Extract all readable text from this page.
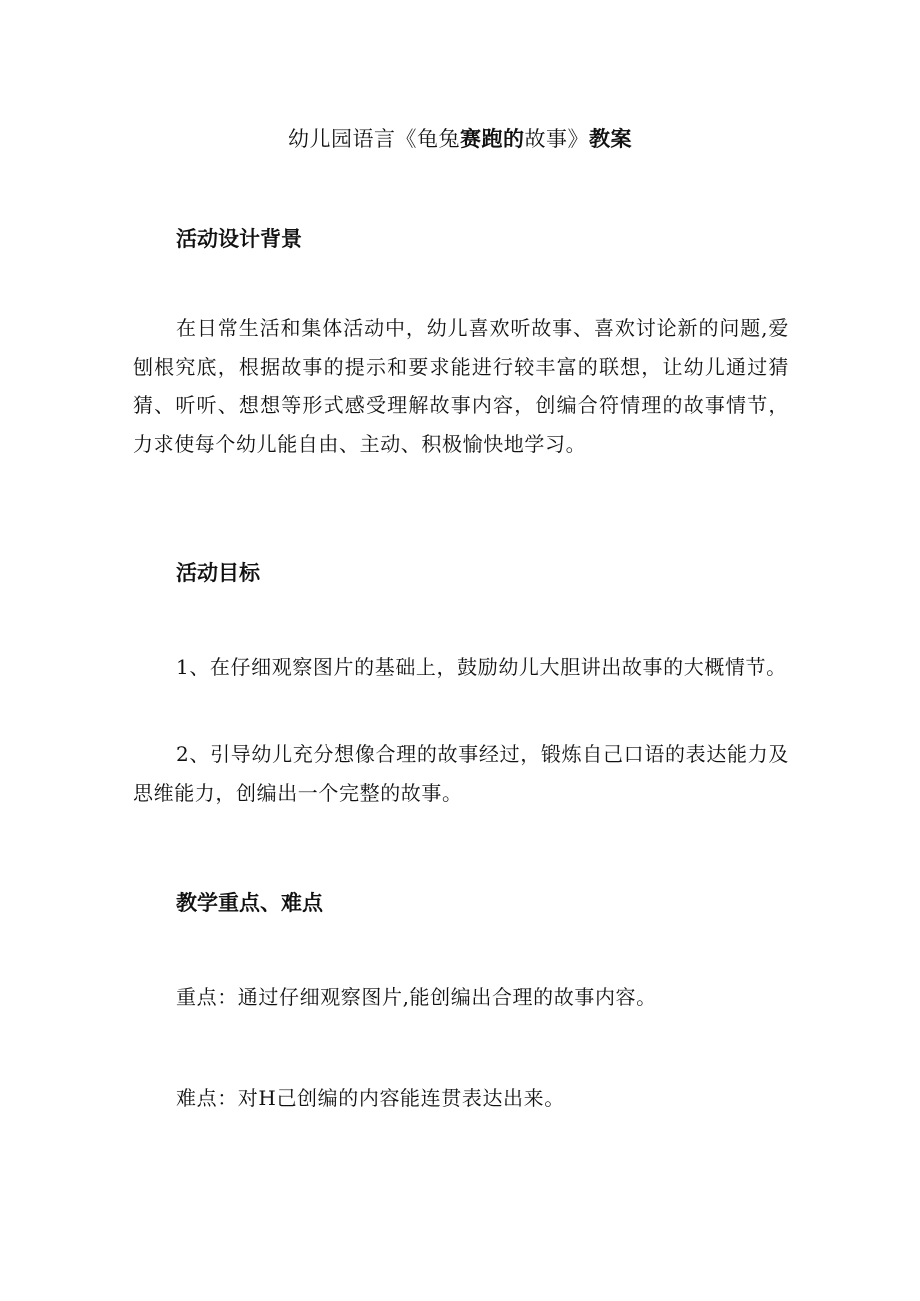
幼儿园语言《龟兔赛跑的故事》教案
活动设计背景
在日常生活和集体活动中，幼儿喜欢听故事、喜欢讨论新的问题,爱刨根究底，根据故事的提示和要求能进行较丰富的联想，让幼儿通过猜猜、听听、想想等形式感受理解故事内容，创编合符情理的故事情节，力求使每个幼儿能自由、主动、积极愉快地学习。
活动目标
1、在仔细观察图片的基础上，鼓励幼儿大胆讲出故事的大概情节。
2、引导幼儿充分想像合理的故事经过，锻炼自己口语的表达能力及思维能力，创编出一个完整的故事。
教学重点、难点
重点：通过仔细观察图片,能创编出合理的故事内容。
难点：对H己创编的内容能连贯表达出来。
